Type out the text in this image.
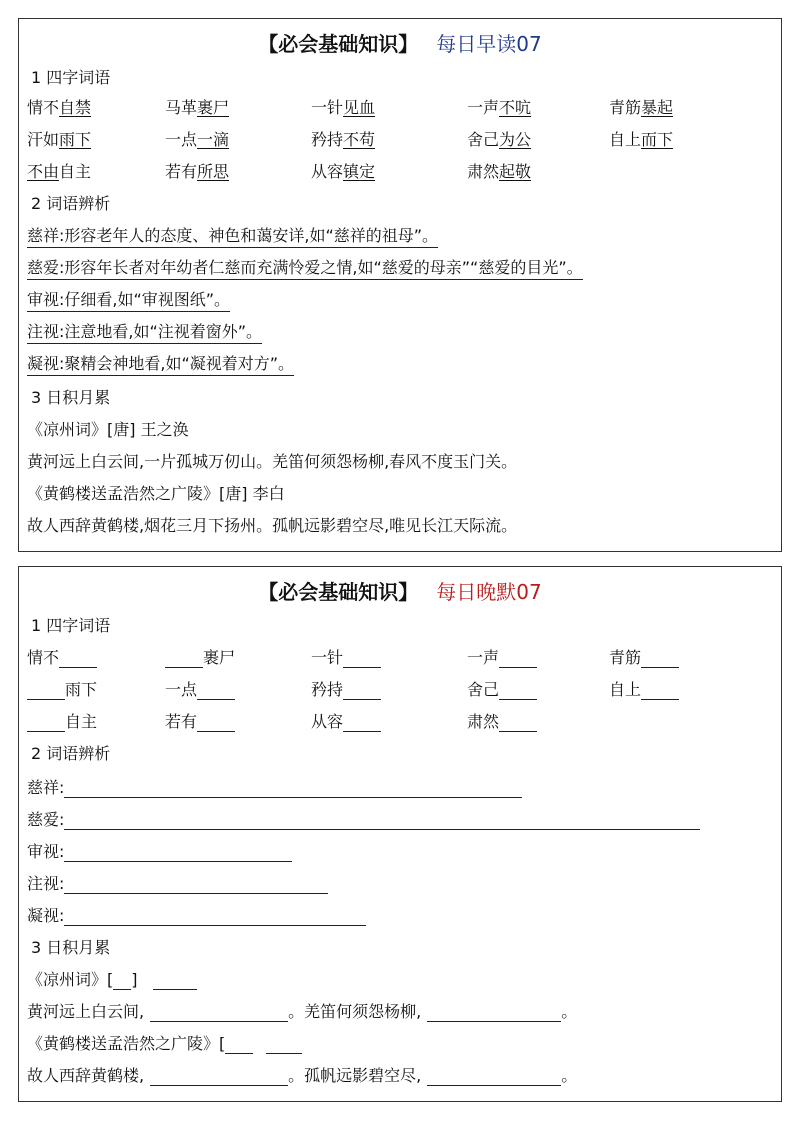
【必会基础知识】 每日早读07
1 四字词语
情不自禁	马革裹尸	一针见血	一声不吭	青筋暴起
汗如雨下	一点一滴	矜持不苟	舍己为公	自上而下
不由自主	若有所思	从容镇定	肃然起敬
2 词语辨析
慈祥:形容老年人的态度、神色和蔼安详,如“慈祥的祖母”。
慈爱:形容年长者对年幼者仁慈而充满怜爱之情,如“慈爱的母亲”“慈爱的目光”。
审视:仔细看,如“审视图纸”。
注视:注意地看,如“注视着窗外”。
凝视:聚精会神地看,如“凝视着对方”。
3 日积月累
《凉州词》[唐] 王之涣
黄河远上白云间,一片孤城万仞山。羌笛何须怨杨柳,春风不度玉门关。
《黄鹤楼送孟浩然之广陵》[唐] 李白
故人西辞黄鹤楼,烟花三月下扬州。孤帆远影碧空尽,唯见长江天际流。
【必会基础知识】 每日晚默07
1 四字词语
情不	裹尸	一针	一声	青筋
雨下	一点	矜持	舍己	自上
自主	若有	从容	肃然
2 词语辨析
慈祥:
慈爱:
审视:
注视:
凝视:
3 日积月累
《凉州词》[ ]
黄河远上白云间,	。羌笛何须怨杨柳,	。
《黄鹤楼送孟浩然之广陵》[
故人西辞黄鹤楼,	。孤帆远影碧空尽,	。
